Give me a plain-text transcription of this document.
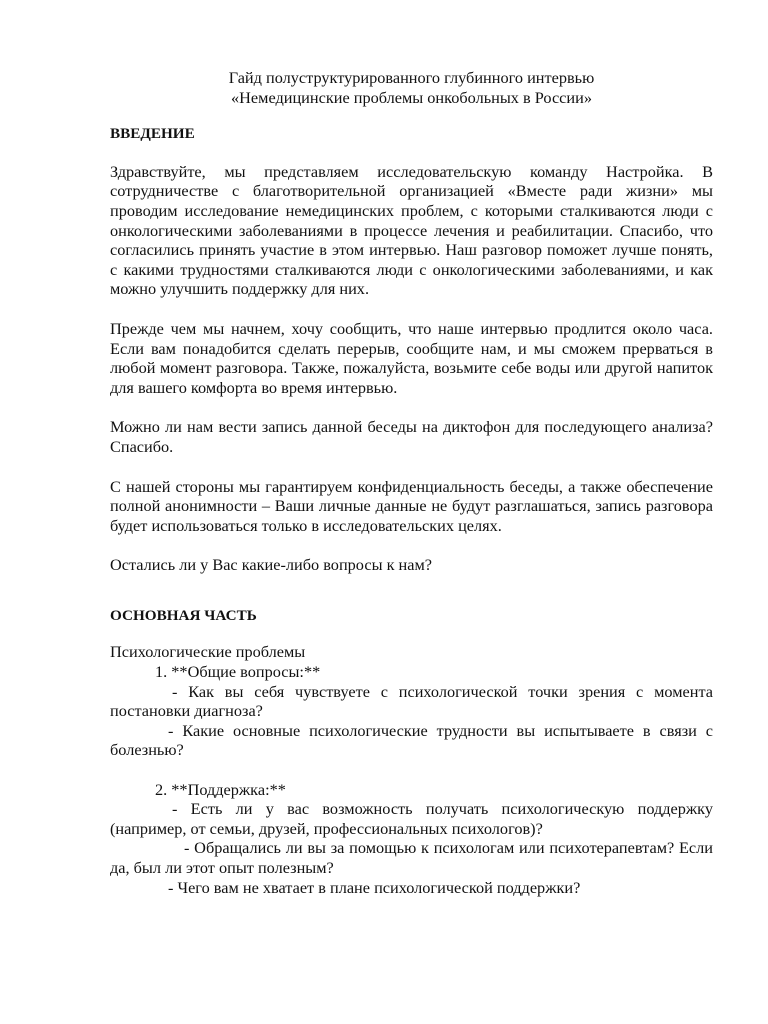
Гайд полуструктурированного глубинного интервью
«Немедицинские проблемы онкобольных в России»

ВВЕДЕНИЕ

Здравствуйте, мы представляем исследовательскую команду Настройка. В сотрудничестве с благотворительной организацией «Вместе ради жизни» мы проводим исследование немедицинских проблем, с которыми сталкиваются люди с онкологическими заболеваниями в процессе лечения и реабилитации. Спасибо, что согласились принять участие в этом интервью. Наш разговор поможет лучше понять, с какими трудностями сталкиваются люди с онкологическими заболеваниями, и как можно улучшить поддержку для них.

Прежде чем мы начнем, хочу сообщить, что наше интервью продлится около часа. Если вам понадобится сделать перерыв, сообщите нам, и мы сможем прерваться в любой момент разговора. Также, пожалуйста, возьмите себе воды или другой напиток для вашего комфорта во время интервью.

Можно ли нам вести запись данной беседы на диктофон для последующего анализа? Спасибо.

С нашей стороны мы гарантируем конфиденциальность беседы, а также обеспечение полной анонимности – Ваши личные данные не будут разглашаться, запись разговора будет использоваться только в исследовательских целях.

Остались ли у Вас какие-либо вопросы к нам?

ОСНОВНАЯ ЧАСТЬ

Психологические проблемы

1. **Общие вопросы:**

- Как вы себя чувствуете с психологической точки зрения с момента постановки диагноза?

- Какие основные психологические трудности вы испытываете в связи с болезнью?

2. **Поддержка:**

- Есть ли у вас возможность получать психологическую поддержку (например, от семьи, друзей, профессиональных психологов)?

- Обращались ли вы за помощью к психологам или психотерапевтам? Если да, был ли этот опыт полезным?

- Чего вам не хватает в плане психологической поддержки?
